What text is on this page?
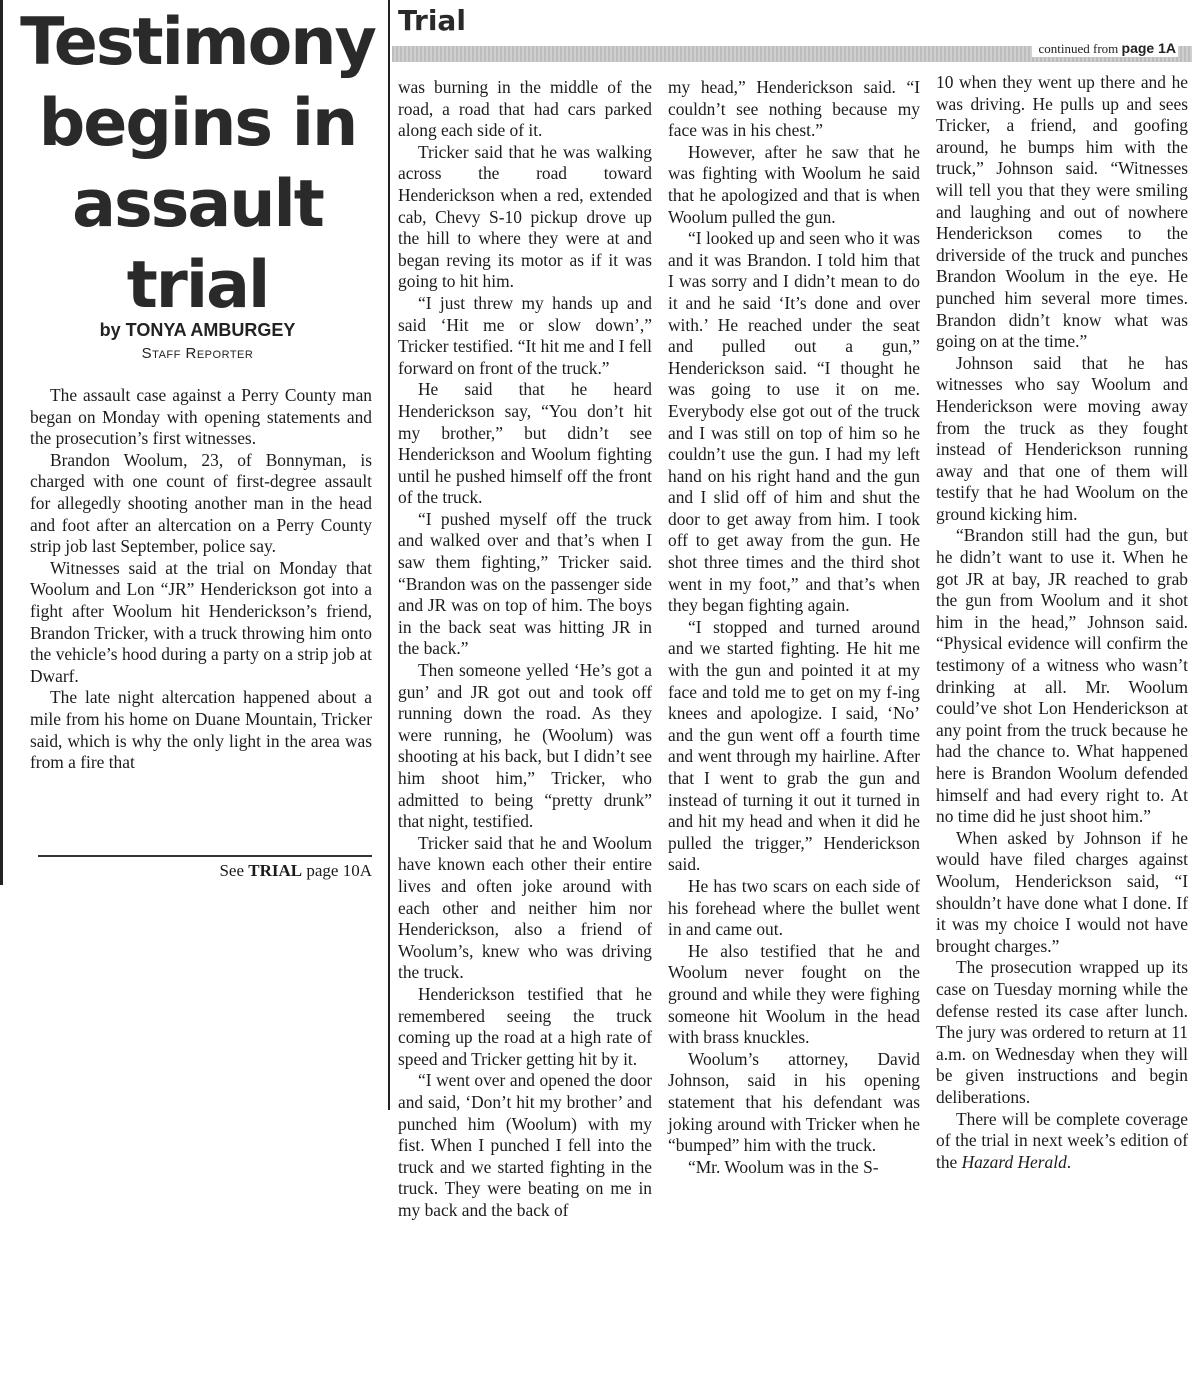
Testimony
begins in
assault
trial
by TONYA AMBURGEY
Staff Reporter

The assault case against a Perry County man began on Monday with opening statements and the prosecution’s first witnesses.

Brandon Woolum, 23, of Bonnyman, is charged with one count of first-degree assault for allegedly shooting another man in the head and foot after an altercation on a Perry County strip job last September, police say.

Witnesses said at the trial on Monday that Woolum and Lon “JR” Henderickson got into a fight after Woolum hit Henderickson’s friend, Brandon Tricker, with a truck throwing him onto the vehicle’s hood during a party on a strip job at Dwarf.

The late night altercation happened about a mile from his home on Duane Mountain, Tricker said, which is why the only light in the area was from a fire that

See TRIAL page 10A
Trial
continued from page 1A

was burning in the middle of the road, a road that had cars parked along each side of it.

Tricker said that he was walking across the road toward Henderickson when a red, extended cab, Chevy S-10 pickup drove up the hill to where they were at and began reving its motor as if it was going to hit him.

“I just threw my hands up and said ‘Hit me or slow down’,” Tricker testified. “It hit me and I fell forward on front of the truck.”

He said that he heard Henderickson say, “You don’t hit my brother,” but didn’t see Henderickson and Woolum fighting until he pushed himself off the front of the truck.

“I pushed myself off the truck and walked over and that’s when I saw them fighting,” Tricker said. “Brandon was on the passenger side and JR was on top of him. The boys in the back seat was hitting JR in the back.”

Then someone yelled ‘He’s got a gun’ and JR got out and took off running down the road. As they were running, he (Woolum) was shooting at his back, but I didn’t see him shoot him,” Tricker, who admitted to being “pretty drunk” that night, testified.

Tricker said that he and Woolum have known each other their entire lives and often joke around with each other and neither him nor Henderickson, also a friend of Woolum’s, knew who was driving the truck.

Henderickson testified that he remembered seeing the truck coming up the road at a high rate of speed and Tricker getting hit by it.

“I went over and opened the door and said, ‘Don’t hit my brother’ and punched him (Woolum) with my fist. When I punched I fell into the truck and we started fighting in the truck. They were beating on me in my back and the back of

my head,” Henderickson said. “I couldn’t see nothing because my face was in his chest.”

However, after he saw that he was fighting with Woolum he said that he apologized and that is when Woolum pulled the gun.

“I looked up and seen who it was and it was Brandon. I told him that I was sorry and I didn’t mean to do it and he said ‘It’s done and over with.’ He reached under the seat and pulled out a gun,” Henderickson said. “I thought he was going to use it on me. Everybody else got out of the truck and I was still on top of him so he couldn’t use the gun. I had my left hand on his right hand and the gun and I slid off of him and shut the door to get away from him. I took off to get away from the gun. He shot three times and the third shot went in my foot,” and that’s when they began fighting again.

“I stopped and turned around and we started fighting. He hit me with the gun and pointed it at my face and told me to get on my f-ing knees and apologize. I said, ‘No’ and the gun went off a fourth time and went through my hairline. After that I went to grab the gun and instead of turning it out it turned in and hit my head and when it did he pulled the trigger,” Henderickson said.

He has two scars on each side of his forehead where the bullet went in and came out.

He also testified that he and Woolum never fought on the ground and while they were fighing someone hit Woolum in the head with brass knuckles.

Woolum’s attorney, David Johnson, said in his opening statement that his defendant was joking around with Tricker when he “bumped” him with the truck.

“Mr. Woolum was in the S-

10 when they went up there and he was driving. He pulls up and sees Tricker, a friend, and goofing around, he bumps him with the truck,” Johnson said. “Witnesses will tell you that they were smiling and laughing and out of nowhere Henderickson comes to the driverside of the truck and punches Brandon Woolum in the eye. He punched him several more times. Brandon didn’t know what was going on at the time.”

Johnson said that he has witnesses who say Woolum and Henderickson were moving away from the truck as they fought instead of Henderickson running away and that one of them will testify that he had Woolum on the ground kicking him.

“Brandon still had the gun, but he didn’t want to use it. When he got JR at bay, JR reached to grab the gun from Woolum and it shot him in the head,” Johnson said. “Physical evidence will confirm the testimony of a witness who wasn’t drinking at all. Mr. Woolum could’ve shot Lon Henderickson at any point from the truck because he had the chance to. What happened here is Brandon Woolum defended himself and had every right to. At no time did he just shoot him.”

When asked by Johnson if he would have filed charges against Woolum, Henderickson said, “I shouldn’t have done what I done. If it was my choice I would not have brought charges.”

The prosecution wrapped up its case on Tuesday morning while the defense rested its case after lunch. The jury was ordered to return at 11 a.m. on Wednesday when they will be given instructions and begin deliberations.

There will be complete coverage of the trial in next week’s edition of the Hazard Herald.
